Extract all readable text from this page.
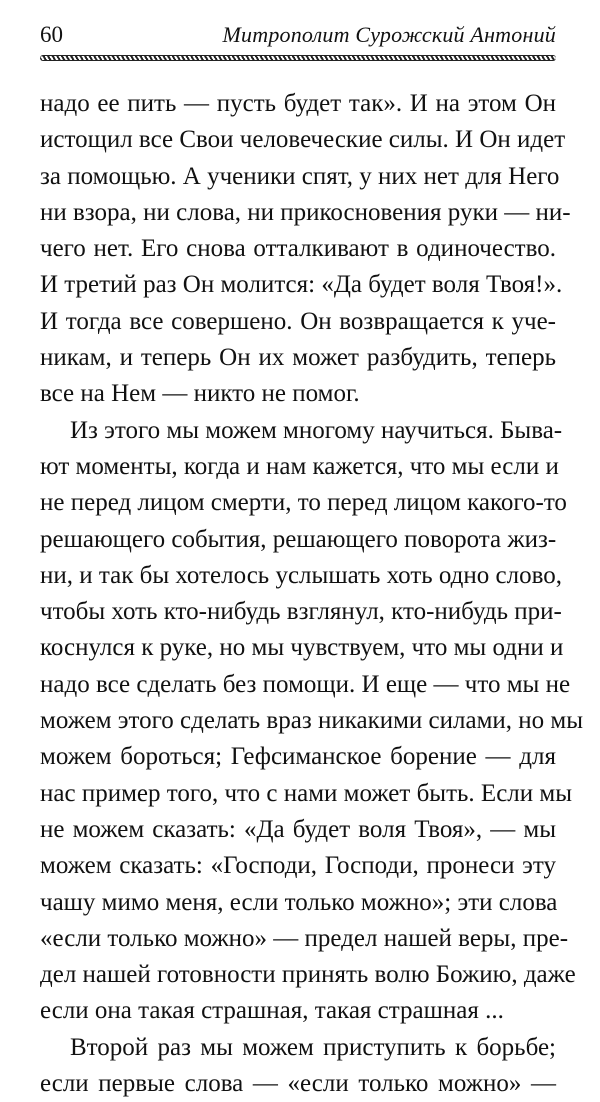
60	Митрополит Сурожский Антоний
надо ее пить — пусть будет так». И на этом Он
истощил все Свои человеческие силы. И Он идет
за помощью. А ученики спят, у них нет для Него
ни взора, ни слова, ни прикосновения руки — ни-
чего нет. Его снова отталкивают в одиночество.
И третий раз Он молится: «Да будет воля Твоя!».
И тогда все совершено. Он возвращается к уче-
никам, и теперь Он их может разбудить, теперь
все на Нем — никто не помог.
Из этого мы можем многому научиться. Быва-
ют моменты, когда и нам кажется, что мы если и
не перед лицом смерти, то перед лицом какого-то
решающего события, решающего поворота жиз-
ни, и так бы хотелось услышать хоть одно слово,
чтобы хоть кто-нибудь взглянул, кто-нибудь при-
коснулся к руке, но мы чувствуем, что мы одни и
надо все сделать без помощи. И еще — что мы не
можем этого сделать враз никакими силами, но мы
можем бороться; Гефсиманское борение — для
нас пример того, что с нами может быть. Если мы
не можем сказать: «Да будет воля Твоя», — мы
можем сказать: «Господи, Господи, пронеси эту
чашу мимо меня, если только можно»; эти слова
«если только можно» — предел нашей веры, пре-
дел нашей готовности принять волю Божию, даже
если она такая страшная, такая страшная ...
Второй раз мы можем приступить к борьбе;
если первые слова — «если только можно» —
